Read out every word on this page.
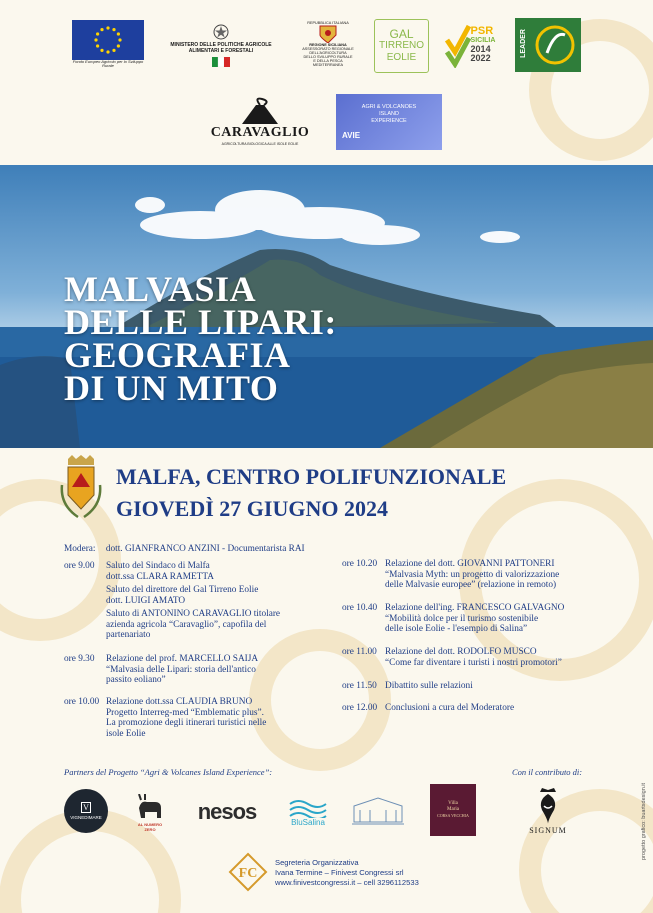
Fondo Europeo Agricolo per lo Sviluppo Rurale
MINISTERO DELLE POLITICHE AGRICOLE ALIMENTARI E FORESTALI
REPUBBLICA ITALIANA
REGIONE SICILIANA
ASSESSORATO REGIONALE DELL'AGRICOLTURA
DELLO SVILUPPO RURALE
E DELLA PESCA MEDITERRANEA
GAL
TIRRENO
EOLIE
PSR
SICILIA
2014
2022
LEADER
CARAVAGLIO
AGRICOLTURA BIOLOGICA ALLE ISOLE EOLIE
AGRI & VOLCANOES
ISLAND
EXPERIENCE
AVIE
MALVASIA
DELLE LIPARI:
GEOGRAFIA
DI UN MITO
MALFA, CENTRO POLIFUNZIONALE
GIOVEDÌ 27 GIUGNO 2024
Modera: dott. GIANFRANCO ANZINI - Documentarista RAI
ore 9.00 Saluto del Sindaco di Malfa
dott.ssa CLARA RAMETTA
Saluto del direttore del Gal Tirreno Eolie
dott. LUIGI AMATO
Saluto di ANTONINO CARAVAGLIO titolare
azienda agricola “Caravaglio”, capofila del
partenariato
ore 9.30 Relazione del prof. MARCELLO SAIJA
“Malvasia delle Lipari: storia dell'antico
passito eoliano”
ore 10.00 Relazione dott.ssa CLAUDIA BRUNO
Progetto Interreg-med “Emblematic plus”.
La promozione degli itinerari turistici nelle
isole Eolie
ore 10.20 Relazione del dott. GIOVANNI PATTONERI
“Malvasia Myth: un progetto di valorizzazione
delle Malvasie europee” (relazione in remoto)
ore 10.40 Relazione dell'ing. FRANCESCO GALVAGNO
“Mobilità dolce per il turismo sostenibile
delle isole Eolie - l'esempio di Salina”
ore 11.00 Relazione del dott. RODOLFO MUSCO
“Come far diventare i turisti i nostri promotori”
ore 11.50 Dibattito sulle relazioni
ore 12.00 Conclusioni a cura del Moderatore
Partners del Progetto “Agri & Volcanes Island Experience”:	Con il contributo di:
V
VIGNEDIMARE
AL NUMERO
ZERO
nesos	BluSalina
Villa
Maria
CORSA VECCHIA
SIGNUM
FC
Segreteria Organizzativa
Ivana Termine – Finivest Congressi srl
www.finivestcongressi.it – cell 3296112533
progetto grafico: buartsdesign.it
